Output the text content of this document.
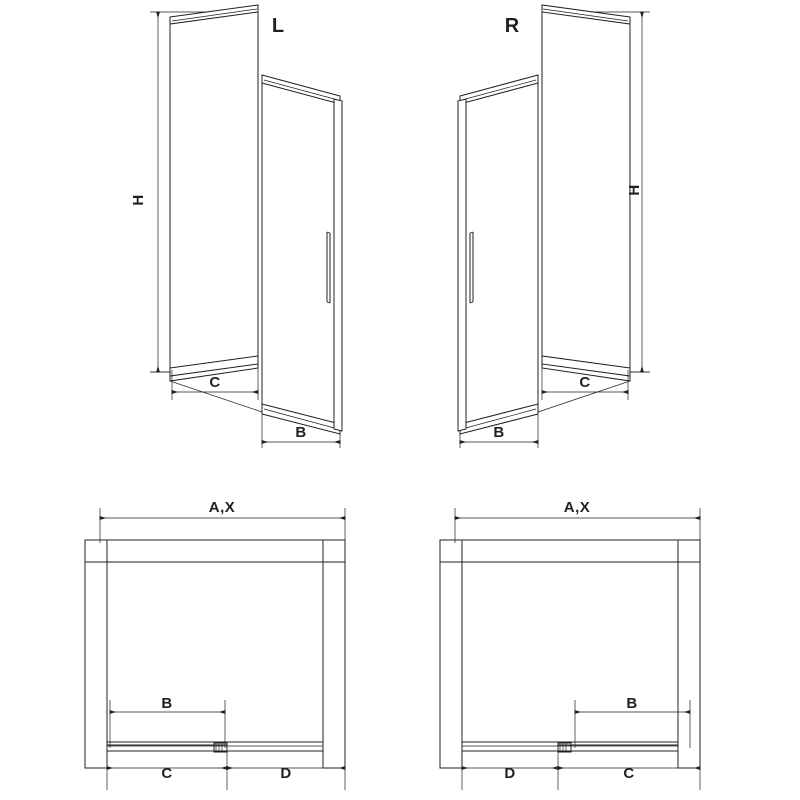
L	R
H
H
C
B
C
B
A,X	A,X
B	B
C	D	D	C
